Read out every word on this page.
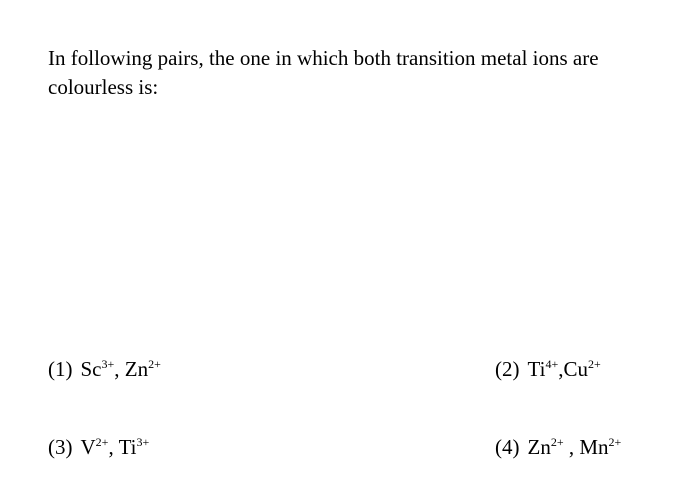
In following pairs, the one in which both transition metal ions are colourless is:

(1) $Sc^{3+}$, $Zn^{2+}$	(2) $Ti^{4+},Cu^{2+}$
(3) $V^{2+}$, $Ti^{3+}$	(4) $Zn^{2+}$ , $Mn^{2+}$
